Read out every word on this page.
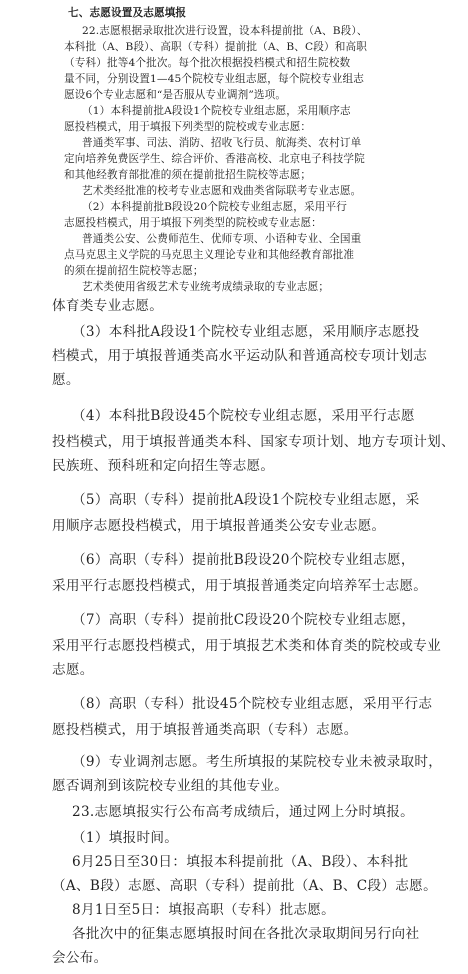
七、志愿设置及志愿填报
22.志愿根据录取批次进行设置，设本科提前批（A、B段）、
本科批（A、B段）、高职（专科）提前批（A、B、C段）和高职
（专科）批等4个批次。每个批次根据投档模式和招生院校数
量不同，分别设置1—45个院校专业组志愿，每个院校专业组志
愿设6个专业志愿和“是否服从专业调剂”选项。
（1）本科提前批A段设1个院校专业组志愿，采用顺序志
愿投档模式，用于填报下列类型的院校或专业志愿：
普通类军事、司法、消防、招收飞行员、航海类、农村订单
定向培养免费医学生、综合评价、香港高校、北京电子科技学院
和其他经教育部批准的须在提前批招生院校等志愿；
艺术类经批准的校考专业志愿和戏曲类省际联考专业志愿。
（2）本科提前批B段设20个院校专业组志愿，采用平行
志愿投档模式，用于填报下列类型的院校或专业志愿：
普通类公安、公费师范生、优师专项、小语种专业、全国重
点马克思主义学院的马克思主义理论专业和其他经教育部批准
的须在提前招生院校等志愿；
艺术类使用省级艺术专业统考成绩录取的专业志愿；
体育类专业志愿。
（3）本科批A段设1个院校专业组志愿，采用顺序志愿投
档模式，用于填报普通类高水平运动队和普通高校专项计划志
愿。
（4）本科批B段设45个院校专业组志愿，采用平行志愿
投档模式，用于填报普通类本科、国家专项计划、地方专项计划、
民族班、预科班和定向招生等志愿。
（5）高职（专科）提前批A段设1个院校专业组志愿，采
用顺序志愿投档模式，用于填报普通类公安专业志愿。
（6）高职（专科）提前批B段设20个院校专业组志愿，
采用平行志愿投档模式，用于填报普通类定向培养军士志愿。
（7）高职（专科）提前批C段设20个院校专业组志愿，
采用平行志愿投档模式，用于填报艺术类和体育类的院校或专业
志愿。
（8）高职（专科）批设45个院校专业组志愿，采用平行志
愿投档模式，用于填报普通类高职（专科）志愿。
（9）专业调剂志愿。考生所填报的某院校专业未被录取时，
愿否调剂到该院校专业组的其他专业。
23.志愿填报实行公布高考成绩后，通过网上分时填报。
（1）填报时间。
6月25日至30日：填报本科提前批（A、B段）、本科批
（A、B段）志愿、高职（专科）提前批（A、B、C段）志愿。
8月1日至5日：填报高职（专科）批志愿。
各批次中的征集志愿填报时间在各批次录取期间另行向社
会公布。
